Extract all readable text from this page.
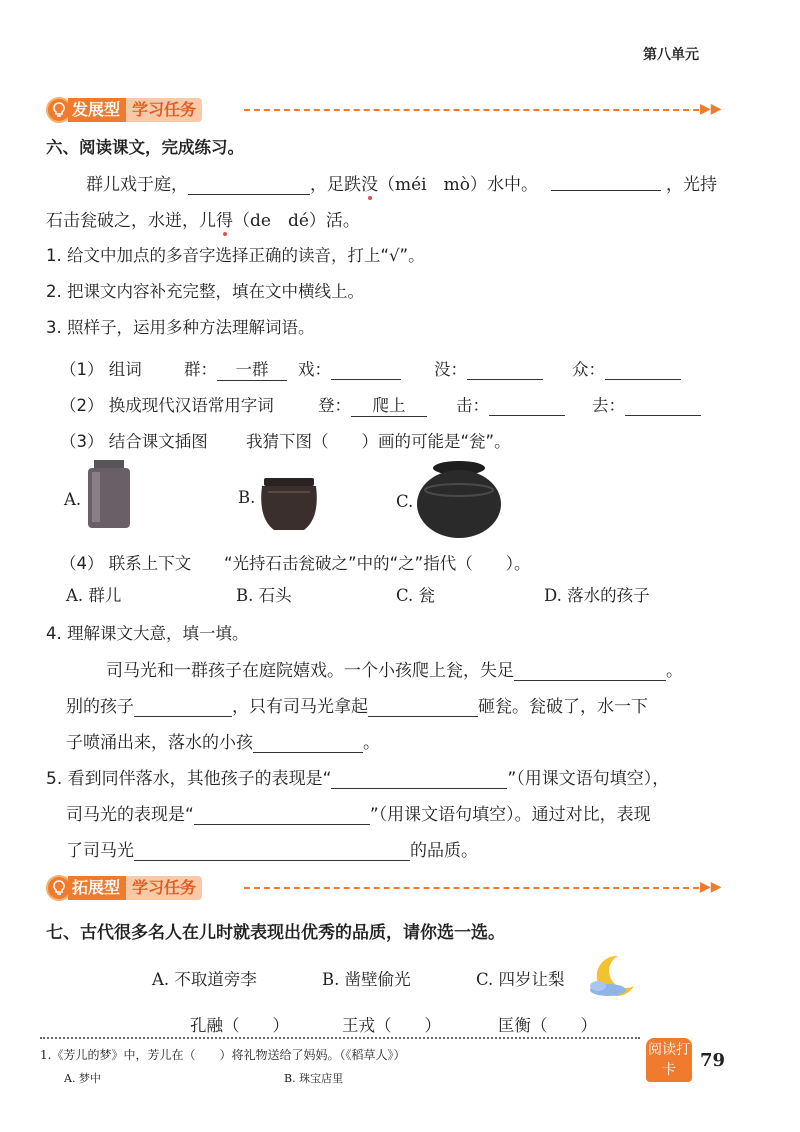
第八单元
发展型 学习任务	▶▶
六、阅读课文，完成练习。
群儿戏于庭，	，足跌没（méi　mò）水中。	，光持
石击瓮破之，水迸，儿得（de　dé）活。
1. 给文中加点的多音字选择正确的读音，打上“√”。
2. 把课文内容补充完整，填在文中横线上。
3. 照样子，运用多种方法理解词语。
（1） 组词	群： 一群	戏：	没：	众：
（2） 换成现代汉语常用字词	登： 爬上	击：	去：
（3） 结合课文插图 我猜下图（　　）画的可能是“瓮”。
A.	B.	C.
（4） 联系上下文 “光持石击瓮破之”中的“之”指代（　　）。
A. 群儿	B. 石头	C. 瓮	D. 落水的孩子
4. 理解课文大意，填一填。
司马光和一群孩子在庭院嬉戏。一个小孩爬上瓮，失足	。
别的孩子	，只有司马光拿起	砸瓮。瓮破了，水一下
子喷涌出来，落水的小孩	。
5. 看到同伴落水，其他孩子的表现是“	”（用课文语句填空），
司马光的表现是“	”（用课文语句填空）。通过对比，表现
了司马光	的品质。
拓展型 学习任务	▶▶
七、古代很多名人在儿时就表现出优秀的品质，请你选一选。
A. 不取道旁李	B. 凿壁偷光	C. 四岁让梨
孔融（　　）	王戎（　　）	匡衡（　　）
1.《芳儿的梦》中，芳儿在（　　）将礼物送给了妈妈。（《稻草人》）
A. 梦中	B. 珠宝店里
阅读打卡	79
